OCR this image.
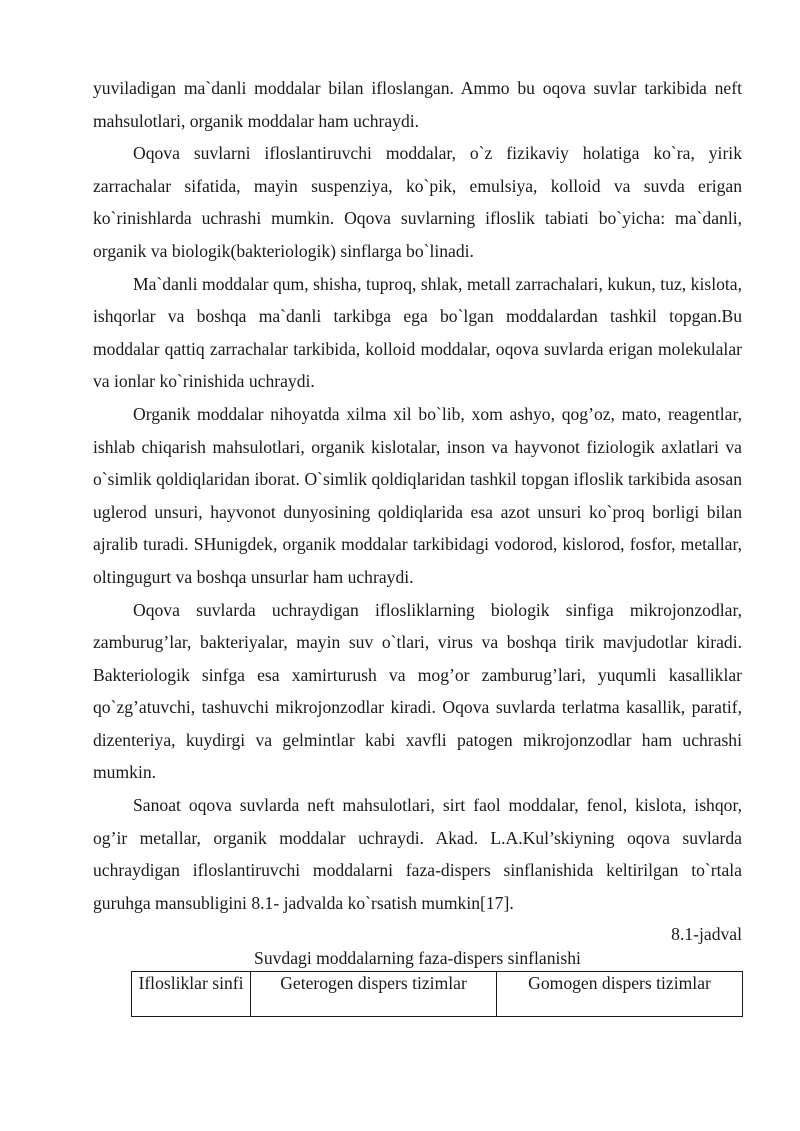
yuviladigan ma`danli moddalar bilan ifloslangan. Ammo bu oqova suvlar tarkibida neft mahsulotlari, organik moddalar ham uchraydi.

Oqova suvlarni ifloslantiruvchi moddalar, o`z fizikaviy holatiga ko`ra, yirik zarrachalar sifatida, mayin suspenziya, ko`pik, emulsiya, kolloid va suvda erigan ko`rinishlarda uchrashi mumkin. Oqova suvlarning ifloslik tabiati bo`yicha: ma`danli, organik va biologik(bakteriologik) sinflarga bo`linadi.

Ma`danli moddalar qum, shisha, tuproq, shlak, metall zarrachalari, kukun, tuz, kislota, ishqorlar va boshqa ma`danli tarkibga ega bo`lgan moddalardan tashkil topgan.Bu moddalar qattiq zarrachalar tarkibida, kolloid moddalar, oqova suvlarda erigan molekulalar va ionlar ko`rinishida uchraydi.

Organik moddalar nihoyatda xilma xil bo`lib, xom ashyo, qog’oz, mato, reagentlar, ishlab chiqarish mahsulotlari, organik kislotalar, inson va hayvonot fiziologik axlatlari va o`simlik qoldiqlaridan iborat. O`simlik qoldiqlaridan tashkil topgan ifloslik tarkibida asosan uglerod unsuri, hayvonot dunyosining qoldiqlarida esa azot unsuri ko`proq borligi bilan ajralib turadi. SHunigdek, organik moddalar tarkibidagi vodorod, kislorod, fosfor, metallar, oltingugurt va boshqa unsurlar ham uchraydi.

Oqova suvlarda uchraydigan iflosliklarning biologik sinfiga mikrojonzodlar, zamburug’lar, bakteriyalar, mayin suv o`tlari, virus va boshqa tirik mavjudotlar kiradi. Bakteriologik sinfga esa xamirturush va mog’or zamburug’lari, yuqumli kasalliklar qo`zg’atuvchi, tashuvchi mikrojonzodlar kiradi. Oqova suvlarda terlatma kasallik, paratif, dizenteriya, kuydirgi va gelmintlar kabi xavfli patogen mikrojonzodlar ham uchrashi mumkin.

Sanoat oqova suvlarda neft mahsulotlari, sirt faol moddalar, fenol, kislota, ishqor, og’ir metallar, organik moddalar uchraydi. Akad. L.A.Kul’skiyning oqova suvlarda uchraydigan ifloslantiruvchi moddalarni faza-dispers sinflanishida keltirilgan to`rtala guruhga mansubligini 8.1- jadvalda ko`rsatish mumkin[17].

8.1-jadval

Suvdagi moddalarning faza-dispers sinflanishi

Iflosliklar sinfi	Geterogen dispers tizimlar	Gomogen dispers tizimlar
